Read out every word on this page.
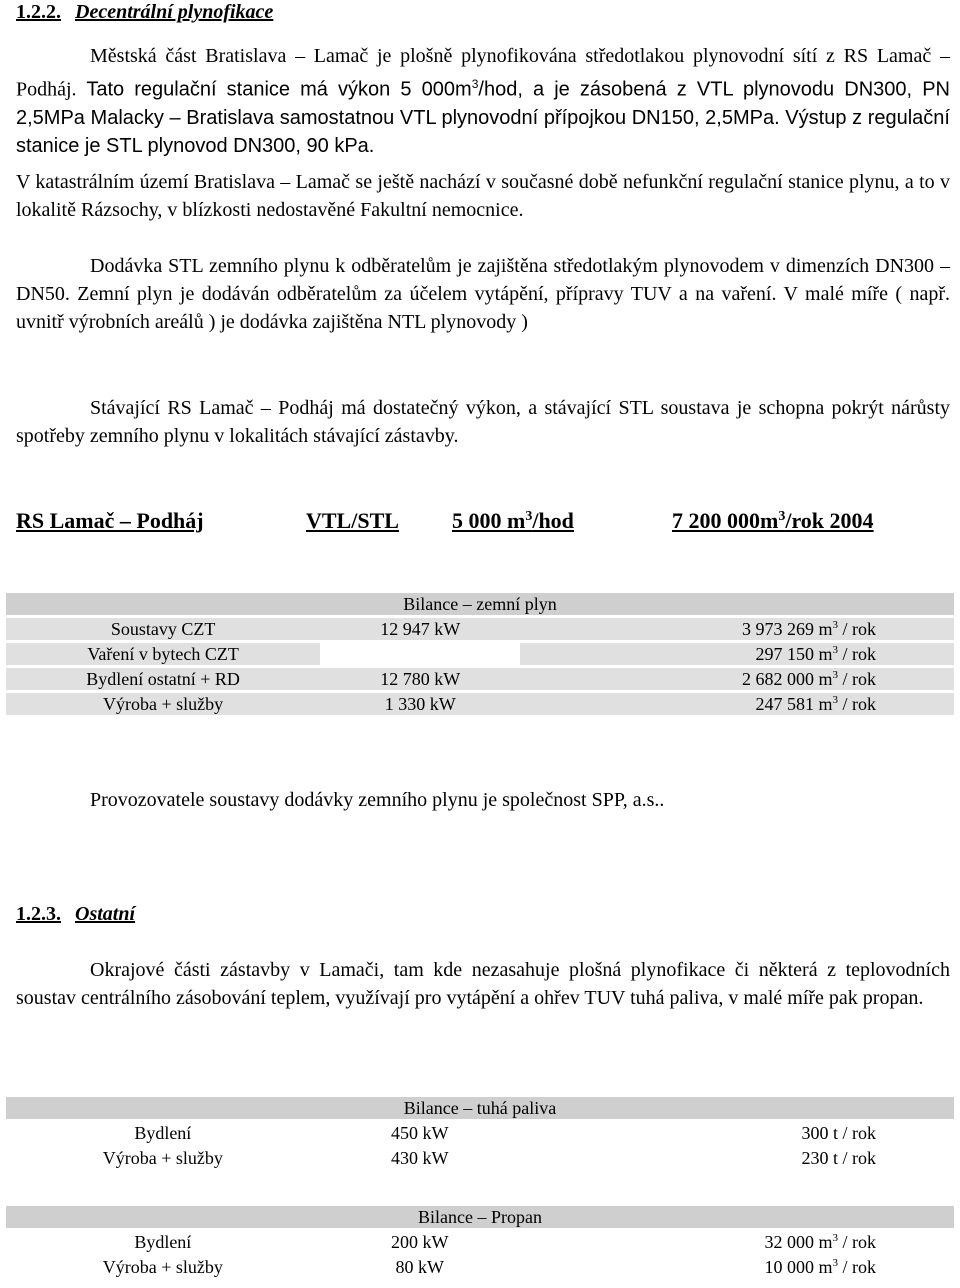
1.2.2. Decentrální plynofikace
Městská část Bratislava – Lamač je plošně plynofikována středotlakou plynovodní sítí z RS Lamač – Podháj. Tato regulační stanice má výkon 5 $000m^3$/hod, a je zásobená z VTL plynovodu DN300, PN 2,5MPa Malacky – Bratislava samostatnou VTL plynovodní přípojkou DN150, 2,5MPa. Výstup z regulační stanice je STL plynovod DN300, 90 kPa.
V katastrálním území Bratislava – Lamač se ještě nachází v současné době nefunkční regulační stanice plynu, a to v lokalitě Rázsochy, v blízkosti nedostavěné Fakultní nemocnice.
Dodávka STL zemního plynu k odběratelům je zajištěna středotlakým plynovodem v dimenzích DN300 – DN50. Zemní plyn je dodáván odběratelům za účelem vytápění, přípravy TUV a na vaření. V malé míře ( např. uvnitř výrobních areálů ) je dodávka zajištěna NTL plynovody )
Stávající RS Lamač – Podháj má dostatečný výkon, a stávající STL soustava je schopna pokrýt nárůsty spotřeby zemního plynu v lokalitách stávající zástavby.
RS Lamač – Podháj	VTL/STL 5 000 $m^3$/hod	7 200 $000m^3$/rok 2004
Bilance – zemní plyn		
Soustavy CZT	12 947 kW	3 973 269 $m^3$ / rok
Vaření v bytech CZT		297 150 $m^3$ / rok
Bydlení ostatní + RD	12 780 kW	2 682 000 $m^3$ / rok
Výroba + služby	1 330 kW	247 581 $m^3$ / rok
Provozovatele soustavy dodávky zemního plynu je společnost SPP, a.s..
1.2.3. Ostatní
Okrajové části zástavby v Lamači, tam kde nezasahuje plošná plynofikace či některá z teplovodních soustav centrálního zásobování teplem, využívají pro vytápění a ohřev TUV tuhá paliva, v malé míře pak propan.
Bilance – tuhá paliva		
Bydlení	450 kW	300 t / rok
Výroba + služby	430 kW	230 t / rok
Bilance – Propan		
Bydlení	200 kW	32 000 $m^3$ / rok
Výroba + služby	80 kW	10 000 $m^3$ / rok
